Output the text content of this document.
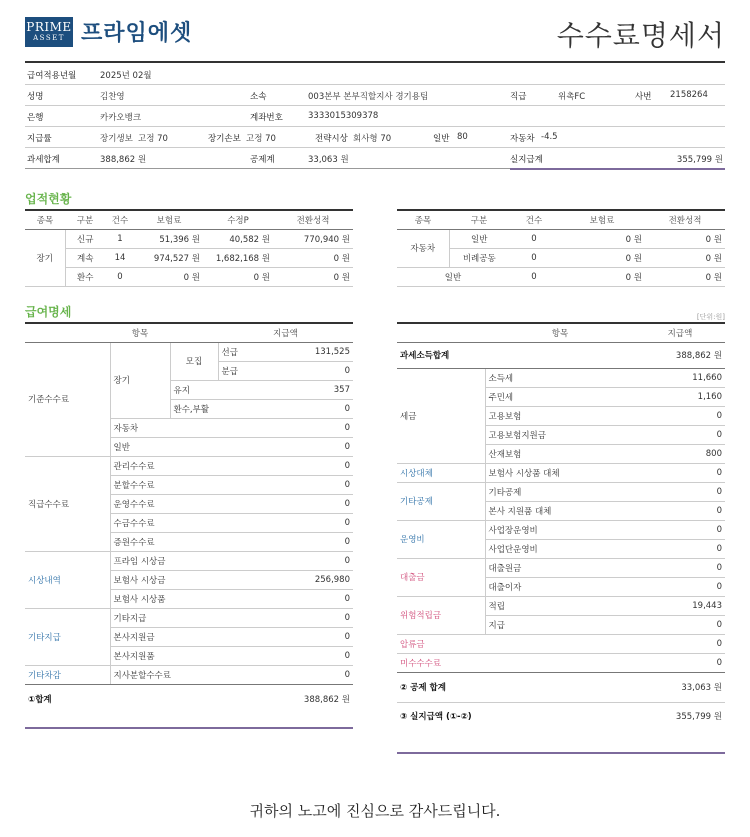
PRIME
ASSET 프라임에셋	수수료명세서
급여적용년월	2025년 02월
성명	김찬영	소속	003본부 본부직할지사 경기용팀	직급	위촉FC	사번 2158264
은행	카카오뱅크	계좌번호	3333015309378
지급률	장기생보 고정 70	장기손보 고정 70	전략시상 회사형 70	일반 80	자동차 -4.5
과세합계	388,862 원	공제계	33,063 원	실지급계	355,799 원
업적현황
종목	구분	건수	보험료	수정P	전환성적
장기	신규	1	51,396 원	40,582 원	770,940 원
	계속	14	974,527 원	1,682,168 원	0 원
	환수	0	0 원	0 원	0 원
종목	구분	건수	보험료	전환성적
자동차	일반	0	0 원	0 원
	비례공동	0	0 원	0 원
일반		0	0 원	0 원
급여명세	[단위:원]
	항목		지급액	
기준수수료	장기	모집	선급	131,525
			분급	0
		유지		357
		환수,부활		0
	자동차			0
	일반			0
직급수수료	관리수수료			0
	분할수수료			0
	운영수수료			0
	수금수수료			0
	증원수수료			0
시상내역	프라임 시상금			0
	보험사 시상금			256,980
	보험사 시상품			0
기타지급	기타지급			0
	본사지원금			0
	본사지원품			0
기타차감	지사분할수수료			0
①합계				388,862 원
	항목	지급액
과세소득합계		388,862 원
세금	소득세	11,660
	주민세	1,160
	고용보험	0
	고용보험지원금	0
	산재보험	800
시상대체	보험사 시상품 대체	0
기타공제	기타공제	0
	본사 지원품 대체	0
운영비	사업장운영비	0
	사업단운영비	0
대출금	대출원금	0
	대출이자	0
위험적립금	적립	19,443
	지급	0
압류금		0
미수수수료		0
② 공제 합계		33,063 원
③ 실지급액 (①-②)		355,799 원
귀하의 노고에 진심으로 감사드립니다.
